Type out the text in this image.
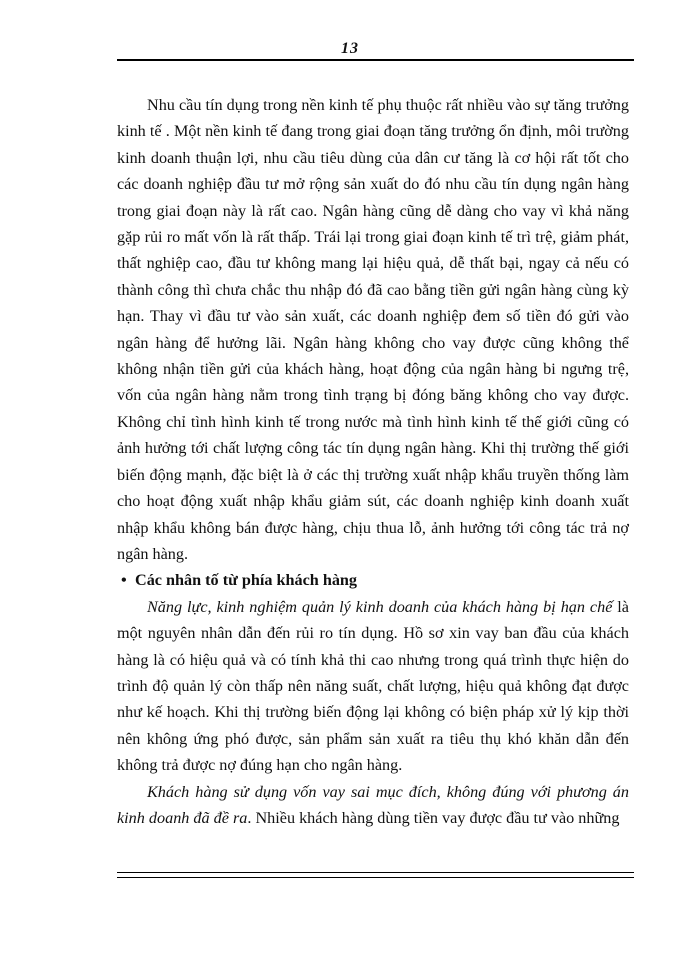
13

Nhu cầu tín dụng trong nền kinh tế phụ thuộc rất nhiều vào sự tăng trưởng kinh tế . Một nền kinh tế đang trong giai đoạn tăng trưởng ổn định, môi trường kinh doanh thuận lợi, nhu cầu tiêu dùng của dân cư tăng là cơ hội rất tốt cho các doanh nghiệp đầu tư mở rộng sản xuất do đó nhu cầu tín dụng ngân hàng trong giai đoạn này là rất cao. Ngân hàng cũng dễ dàng cho vay vì khả năng gặp rủi ro mất vốn là rất thấp. Trái lại trong giai đoạn kinh tế trì trệ, giảm phát, thất nghiệp cao, đầu tư không mang lại hiệu quả, dễ thất bại, ngay cả nếu có thành công thì chưa chắc thu nhập đó đã cao bằng tiền gửi ngân hàng cùng kỳ hạn. Thay vì đầu tư vào sản xuất, các doanh nghiệp đem số tiền đó gửi vào ngân hàng để hưởng lãi. Ngân hàng không cho vay được cũng không thể không nhận tiền gửi của khách hàng, hoạt động của ngân hàng bi ngưng trệ, vốn của ngân hàng nằm trong tình trạng bị đóng băng không cho vay được. Không chỉ tình hình kinh tế trong nước mà tình hình kinh tế thế giới cũng có ảnh hưởng tới chất lượng công tác tín dụng ngân hàng. Khi thị trường thế giới biến động mạnh, đặc biệt là ở các thị trường xuất nhập khẩu truyền thống làm cho hoạt động xuất nhập khẩu giảm sút, các doanh nghiệp kinh doanh xuất nhập khẩu không bán được hàng, chịu thua lỗ, ảnh hưởng tới công tác trả nợ ngân hàng.

• Các nhân tố từ phía khách hàng

Năng lực, kinh nghiệm quản lý kinh doanh của khách hàng bị hạn chế là một nguyên nhân dẫn đến rủi ro tín dụng. Hồ sơ xin vay ban đầu của khách hàng là có hiệu quả và có tính khả thi cao nhưng trong quá trình thực hiện do trình độ quản lý còn thấp nên năng suất, chất lượng, hiệu quả không đạt được như kế hoạch. Khi thị trường biến động lại không có biện pháp xử lý kịp thời nên không ứng phó được, sản phẩm sản xuất ra tiêu thụ khó khăn dẫn đến không trả được nợ đúng hạn cho ngân hàng.

Khách hàng sử dụng vốn vay sai mục đích, không đúng với phương án kinh doanh đã đề ra. Nhiều khách hàng dùng tiền vay được đầu tư vào những
